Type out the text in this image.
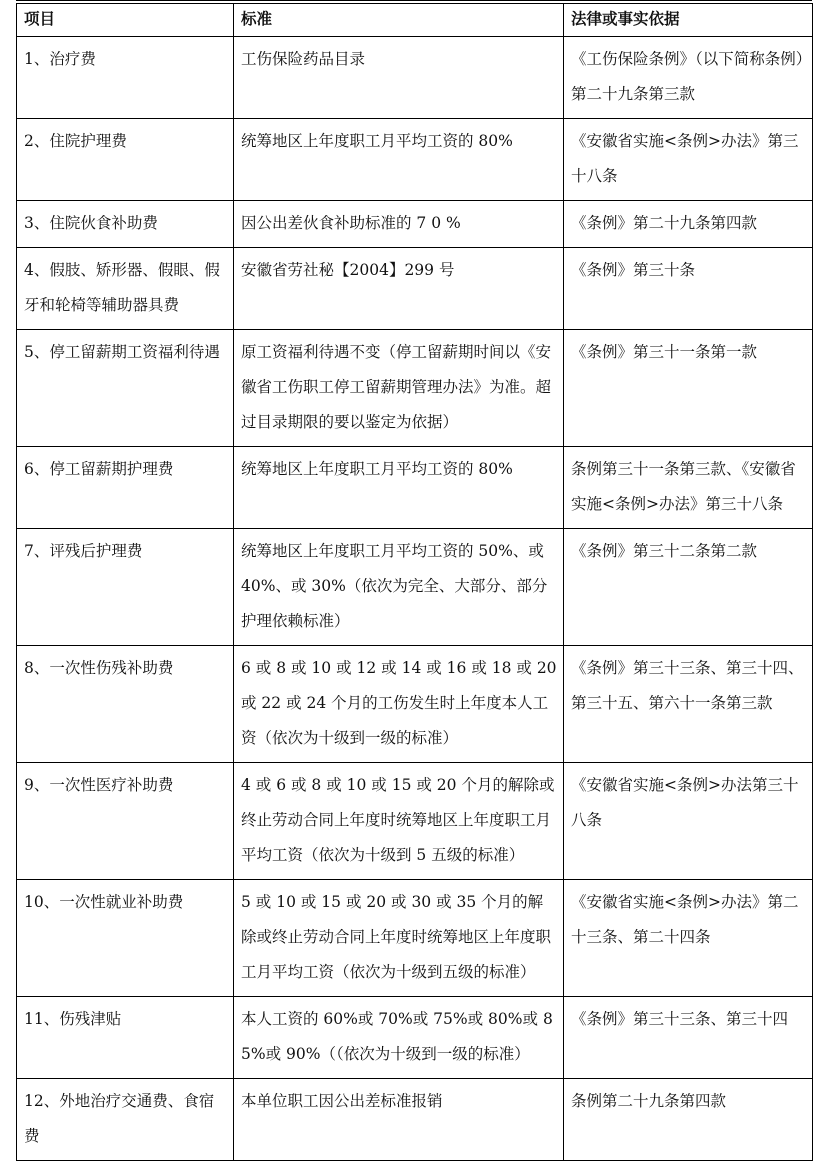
项目	标准	法律或事实依据
1、治疗费	工伤保险药品目录	《工伤保险条例》（以下简称条例）第二十九条第三款
2、住院护理费	统筹地区上年度职工月平均工资的 80%	《安徽省实施<条例>办法》第三十八条
3、住院伙食补助费	因公出差伙食补助标准的 7 0 %	《条例》第二十九条第四款
4、假肢、矫形器、假眼、假牙和轮椅等辅助器具费	安徽省劳社秘【2004】299 号	《条例》第三十条
5、停工留薪期工资福利待遇	原工资福利待遇不变（停工留薪期时间以《安徽省工伤职工停工留薪期管理办法》为准。超过目录期限的要以鉴定为依据）	《条例》第三十一条第一款
6、停工留薪期护理费	统筹地区上年度职工月平均工资的 80%	条例第三十一条第三款、《安徽省实施<条例>办法》第三十八条
7、评残后护理费	统筹地区上年度职工月平均工资的 50%、或 40%、或 30%（依次为完全、大部分、部分护理依赖标准）	《条例》第三十二条第二款
8、一次性伤残补助费	6 或 8 或 10 或 12 或 14 或 16 或 18 或 20 或 22 或 24 个月的工伤发生时上年度本人工资（依次为十级到一级的标准）	《条例》第三十三条、第三十四、第三十五、第六十一条第三款
9、一次性医疗补助费	4 或 6 或 8 或 10 或 15 或 20 个月的解除或终止劳动合同上年度时统筹地区上年度职工月平均工资（依次为十级到 5 五级的标准）	《安徽省实施<条例>办法第三十八条
10、一次性就业补助费	5 或 10 或 15 或 20 或 30 或 35 个月的解除或终止劳动合同上年度时统筹地区上年度职工月平均工资（依次为十级到五级的标准）	《安徽省实施<条例>办法》第二十三条、第二十四条
11、伤残津贴	本人工资的 60%或 70%或 75%或 80%或 85%或 90%（（依次为十级到一级的标准）	《条例》第三十三条、第三十四
12、外地治疗交通费、食宿费	本单位职工因公出差标准报销	条例第二十九条第四款
